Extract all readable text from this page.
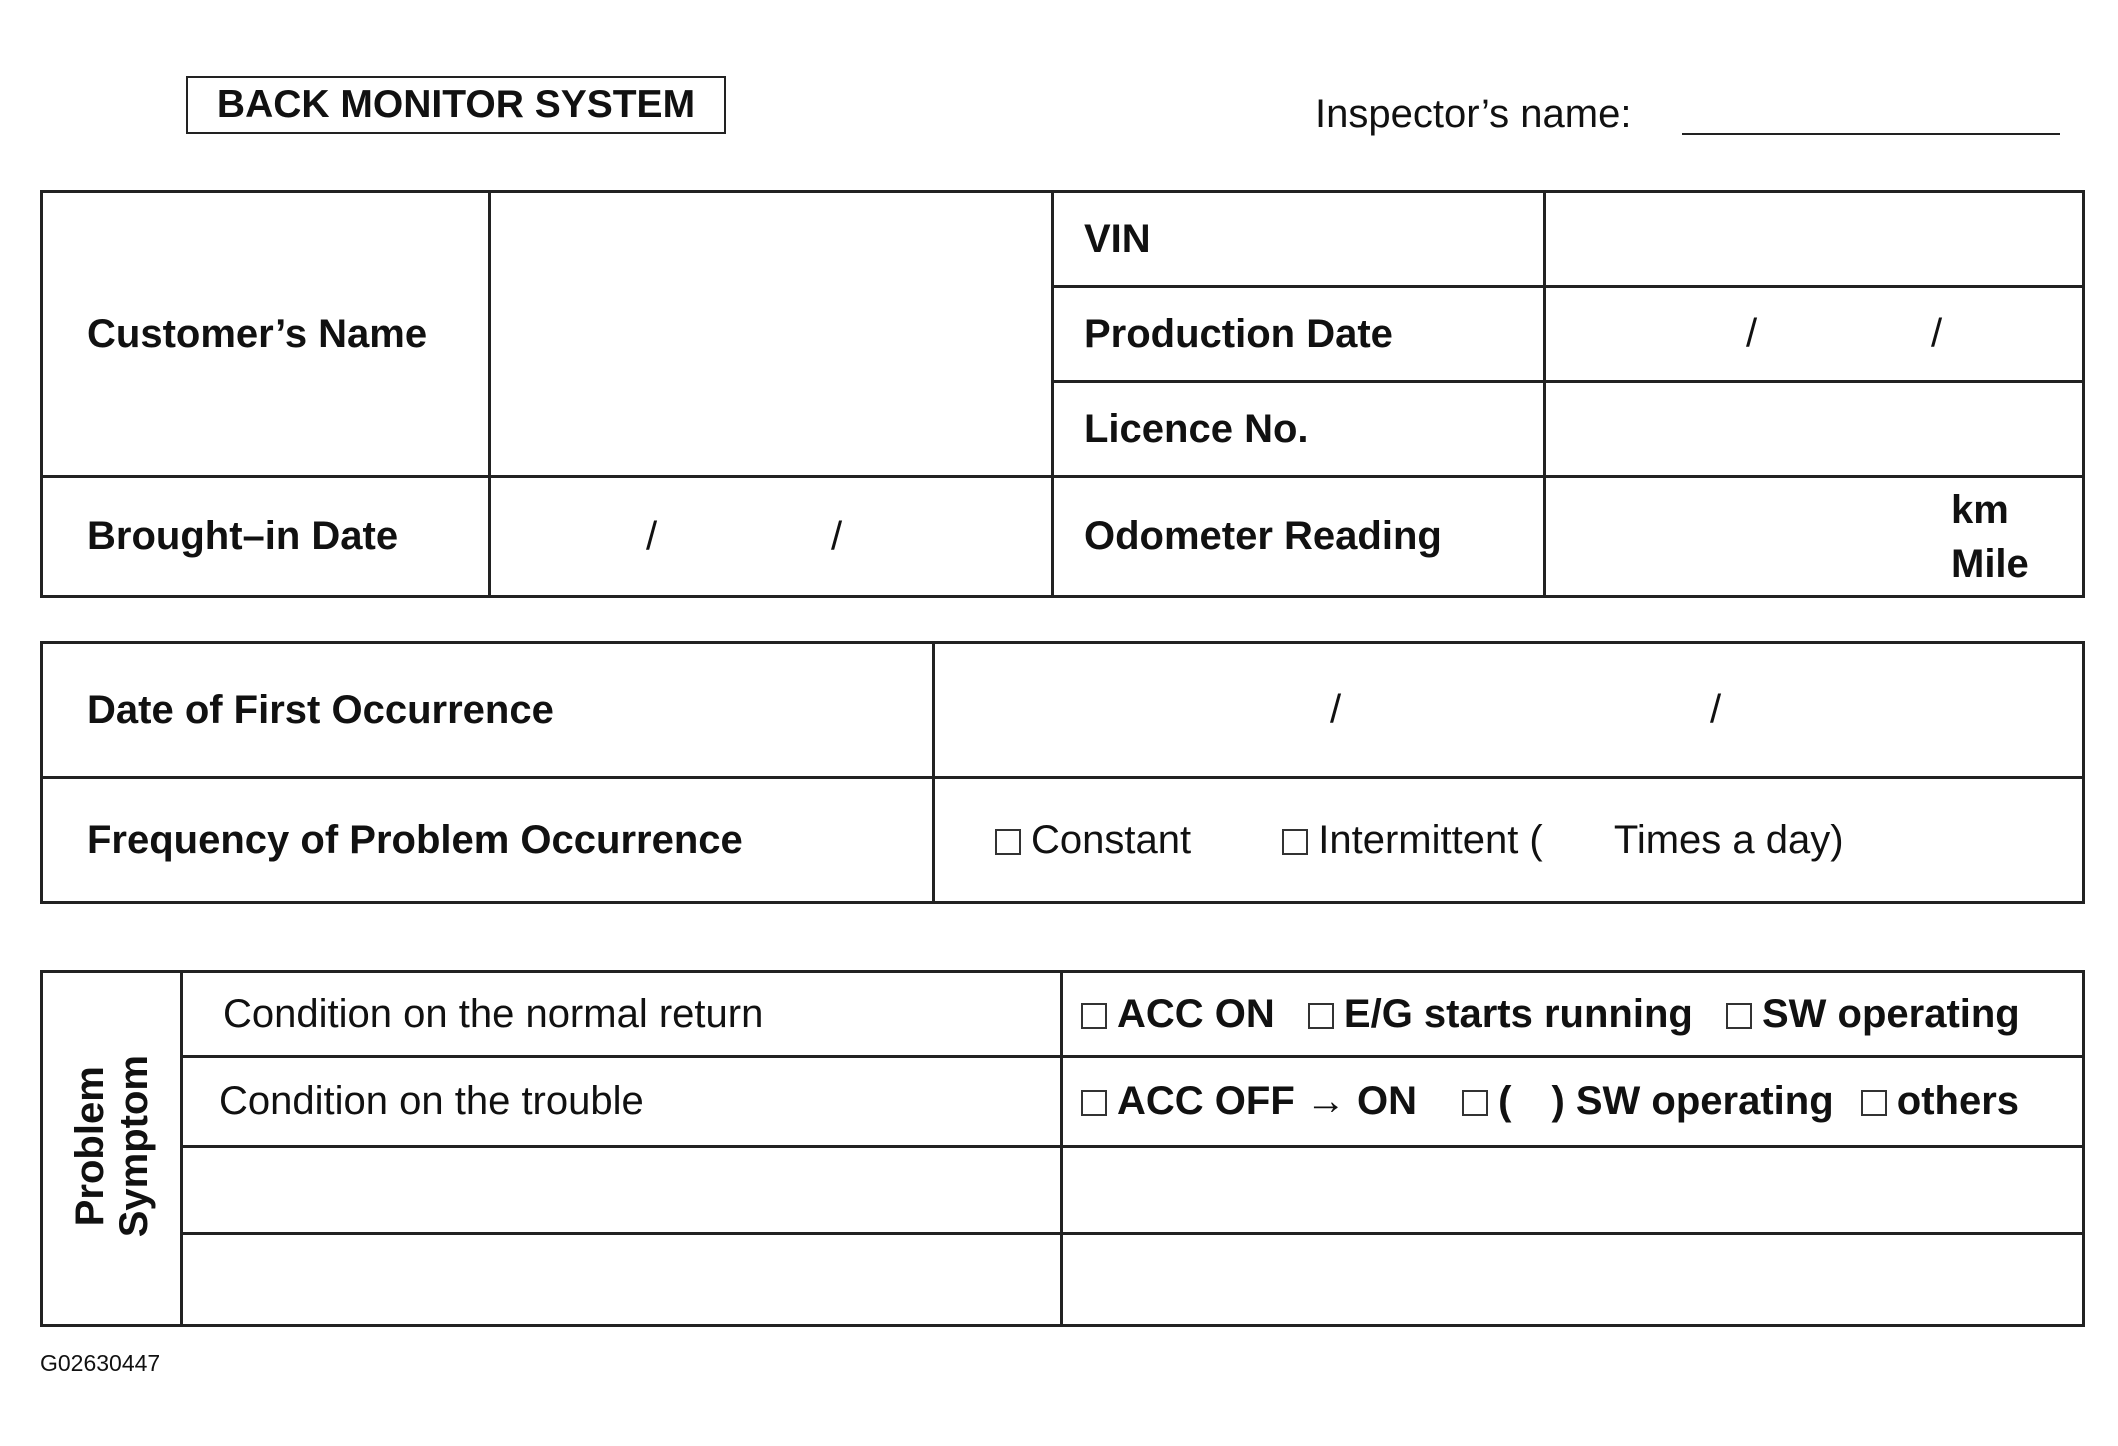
BACK MONITOR SYSTEM	Inspector’s name:
Customer’s Name		VIN	
		Production Date	/ /

		Licence No.	
Brought–in Date	/ /	Odometer Reading	km
Mile
Date of First Occurrence	/ /

Frequency of Problem Occurrence	Constant Intermittent ( Times a day)
Problem
Symptom	Condition on the normal return	ACC ON E/G starts running SW operating
	Condition on the trouble	ACC OFF → ON ( ) SW operating others

G02630447
